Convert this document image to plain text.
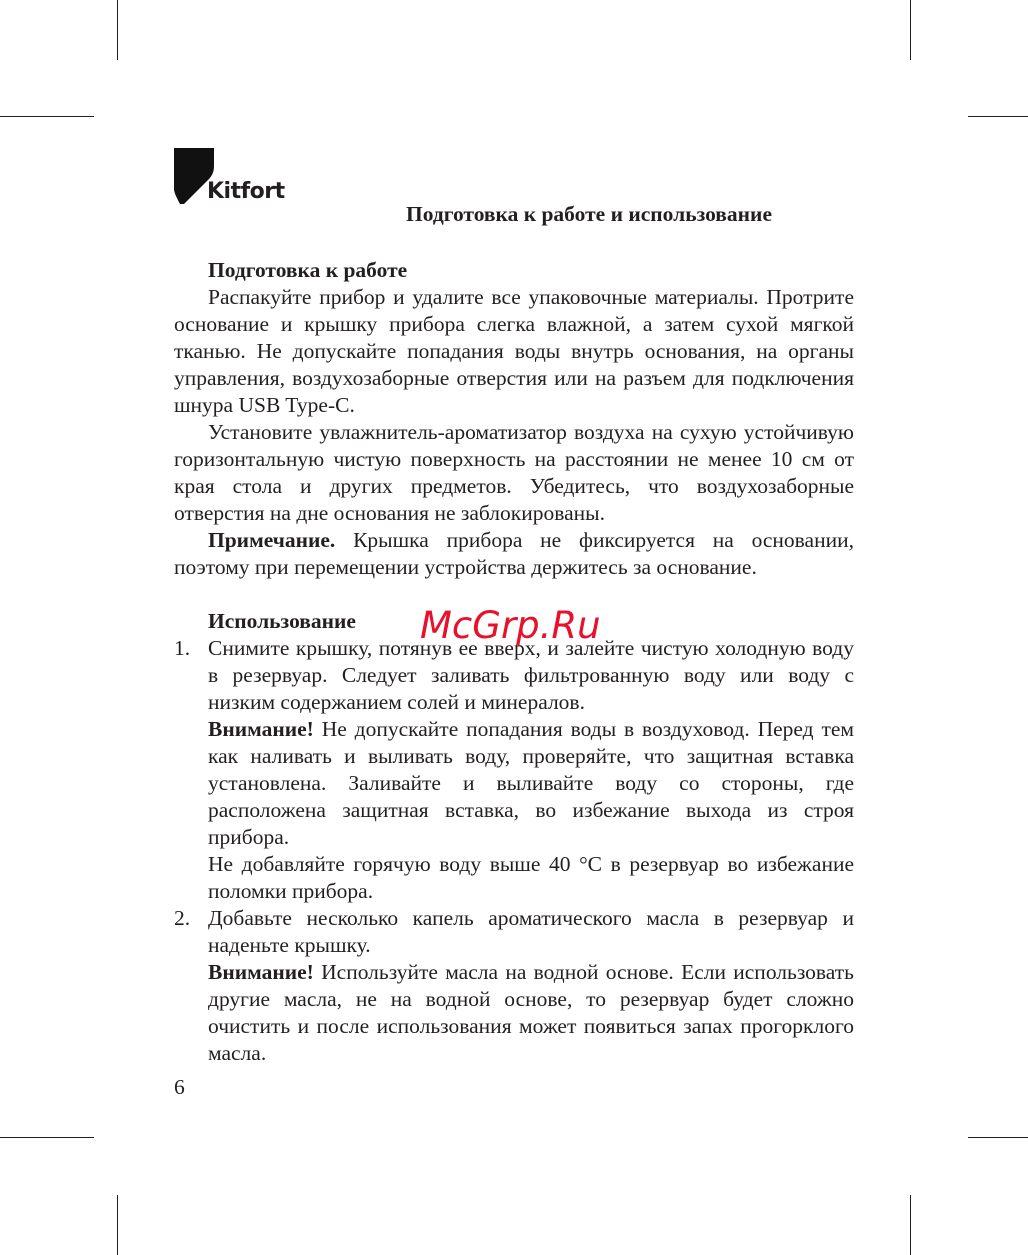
Kitfort
McGrp.Ru
Подготовка к работе и использование
Подготовка к работе
Распакуйте прибор и удалите все упаковочные материалы. Протрите основание и крышку прибора слегка влажной, а затем сухой мягкой тканью. Не допускайте попадания воды внутрь основания, на органы управления, воздухозаборные отверстия или на разъем для подключения шнура USB Type-C.
Установите увлажнитель-ароматизатор воздуха на сухую устойчивую горизонтальную чистую поверхность на расстоянии не менее 10 см от края стола и других предметов. Убедитесь, что воздухозаборные отверстия на дне основания не заблокированы.
Примечание. Крышка прибора не фиксируется на основании, поэтому при перемещении устройства держитесь за основание.
Использование
1. Снимите крышку, потянув ее вверх, и залейте чистую холодную воду в резервуар. Следует заливать фильтрованную воду или воду с низким содержанием солей и минералов.
Внимание! Не допускайте попадания воды в воздуховод. Перед тем как наливать и выливать воду, проверяйте, что защитная вставка установлена. Заливайте и выливайте воду со стороны, где расположена защитная вставка, во избежание выхода из строя прибора.
Не добавляйте горячую воду выше 40 °С в резервуар во избежание поломки прибора.
2. Добавьте несколько капель ароматического масла в резервуар и наденьте крышку.
Внимание! Используйте масла на водной основе. Если использовать другие масла, не на водной основе, то резервуар будет сложно очистить и после использования может появиться запах прогорклого масла.
6
